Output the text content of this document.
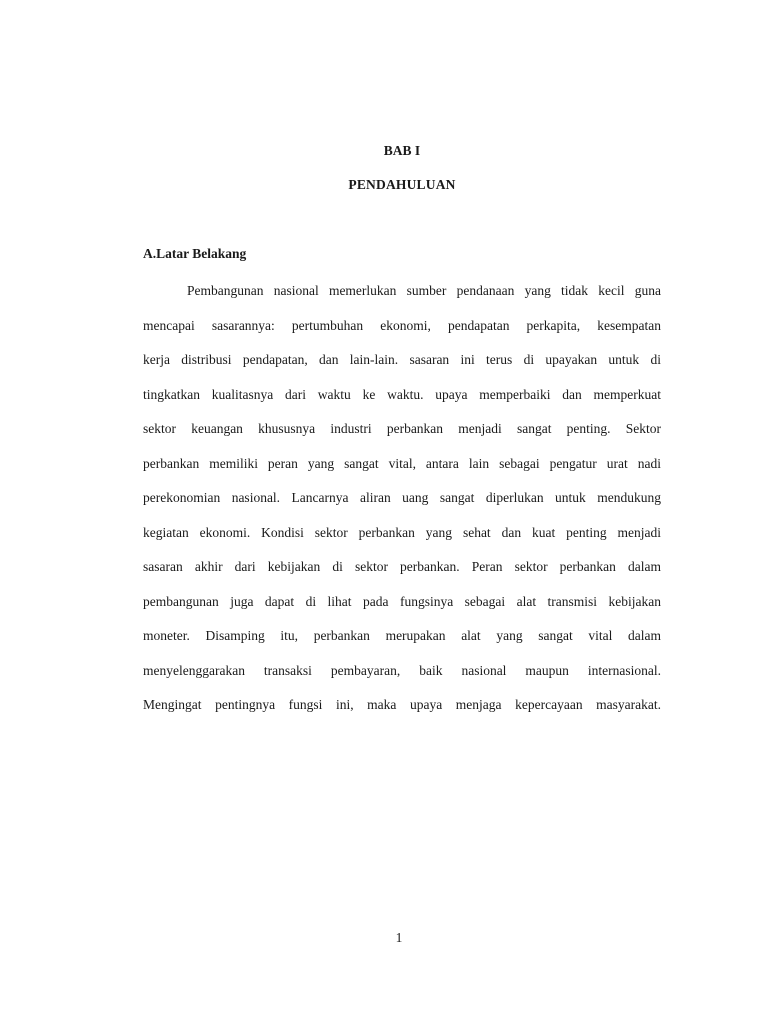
BAB I
PENDAHULUAN
A.Latar Belakang
Pembangunan nasional memerlukan sumber pendanaan yang tidak kecil guna
mencapai sasarannya: pertumbuhan ekonomi, pendapatan perkapita, kesempatan
kerja distribusi pendapatan, dan lain-lain. sasaran ini terus di upayakan untuk di
tingkatkan kualitasnya dari waktu ke waktu. upaya memperbaiki dan memperkuat
sektor keuangan khususnya industri perbankan menjadi sangat penting. Sektor
perbankan memiliki peran yang sangat vital, antara lain sebagai pengatur urat nadi
perekonomian nasional. Lancarnya aliran uang sangat diperlukan untuk mendukung
kegiatan ekonomi. Kondisi sektor perbankan yang sehat dan kuat penting menjadi
sasaran akhir dari kebijakan di sektor perbankan. Peran sektor perbankan dalam
pembangunan juga dapat di lihat pada fungsinya sebagai alat transmisi kebijakan
moneter. Disamping itu, perbankan merupakan alat yang sangat vital dalam
menyelenggarakan transaksi pembayaran, baik nasional maupun internasional.
Mengingat pentingnya fungsi ini, maka upaya menjaga kepercayaan masyarakat.
1
